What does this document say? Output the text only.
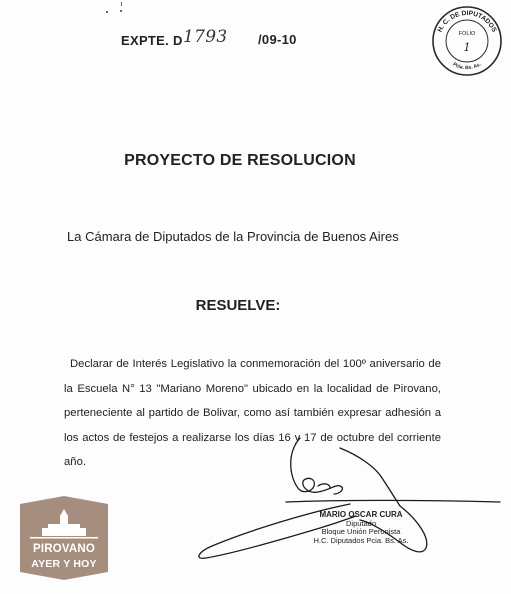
EXPTE. D 1793 /09-10
H. C. DE DIPUTADOS
Pcia. Bs. As.
FOLIO
1
PROYECTO DE RESOLUCION
La Cámara de Diputados de la Provincia de Buenos Aires
RESUELVE:

Declarar de Interés Legislativo la conmemoración del 100º aniversario de la Escuela N° 13 "Mariano Moreno" ubicado en la localidad de Pirovano, perteneciente al partido de Bolivar, como así también expresar adhesión a los actos de festejos a realizarse los días 16 y 17 de octubre del corriente año.

MARIO OSCAR CURA
Diputado
Bloque Unión Peronista
H.C. Diputados Pcia. Bs. As.
PIROVANO
AYER Y HOY
